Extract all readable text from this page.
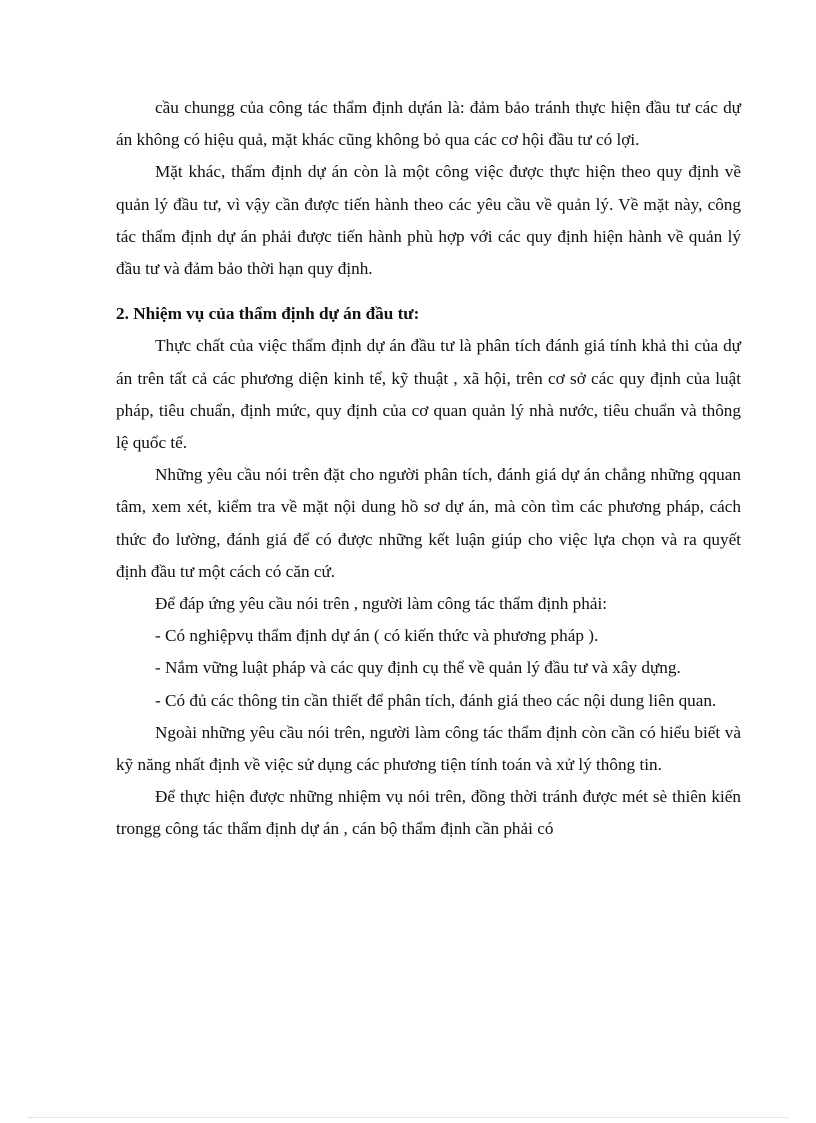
cầu chungg của công tác thẩm định dựán là: đảm bảo tránh thực hiện đầu tư các dự án không có hiệu quả, mặt khác cũng không bỏ qua các cơ hội đầu tư có lợi.

Mặt khác, thẩm định dự án còn là một công việc được thực hiện theo quy định về quản lý đầu tư, vì vậy cần được tiến hành theo các yêu cầu về quản lý. Về mặt này, công tác thẩm định dự án phải được tiến hành phù hợp với các quy định hiện hành về quản lý đầu tư và đảm bảo thời hạn quy định.

2. Nhiệm vụ của thẩm định dự án đầu tư:

Thực chất của việc thẩm định dự án đầu tư là phân tích đánh giá tính khả thi của dự án trên tất cả các phương diện kinh tế, kỹ thuật , xã hội, trên cơ sở các quy định của luật pháp, tiêu chuẩn, định mức, quy định của cơ quan quản lý nhà nước, tiêu chuẩn và thông lệ quốc tế.

Những yêu cầu nói trên đặt cho người phân tích, đánh giá dự án chẳng những qquan tâm, xem xét, kiểm tra về mặt nội dung hồ sơ dự án, mà còn tìm các phương pháp, cách thức đo lường, đánh giá để có được những kết luận giúp cho việc lựa chọn và ra quyết định đầu tư một cách có căn cứ.

Để đáp ứng yêu cầu nói trên , người làm công tác thẩm định phải:

- Có nghiệpvụ thẩm định dự án ( có kiến thức và phương pháp ).

- Nắm vững luật pháp và các quy định cụ thể về quản lý đầu tư và xây dựng.

- Có đủ các thông tin cần thiết để phân tích, đánh giá theo các nội dung liên quan.

Ngoài những yêu cầu nói trên, người làm công tác thẩm định còn cần có hiểu biết và kỹ năng nhất định về việc sử dụng các phương tiện tính toán và xử lý thông tin.

Để thực hiện được những nhiệm vụ nói trên, đồng thời tránh được mét sè thiên kiến trongg công tác thẩm định dự án , cán bộ thẩm định cần phải có
